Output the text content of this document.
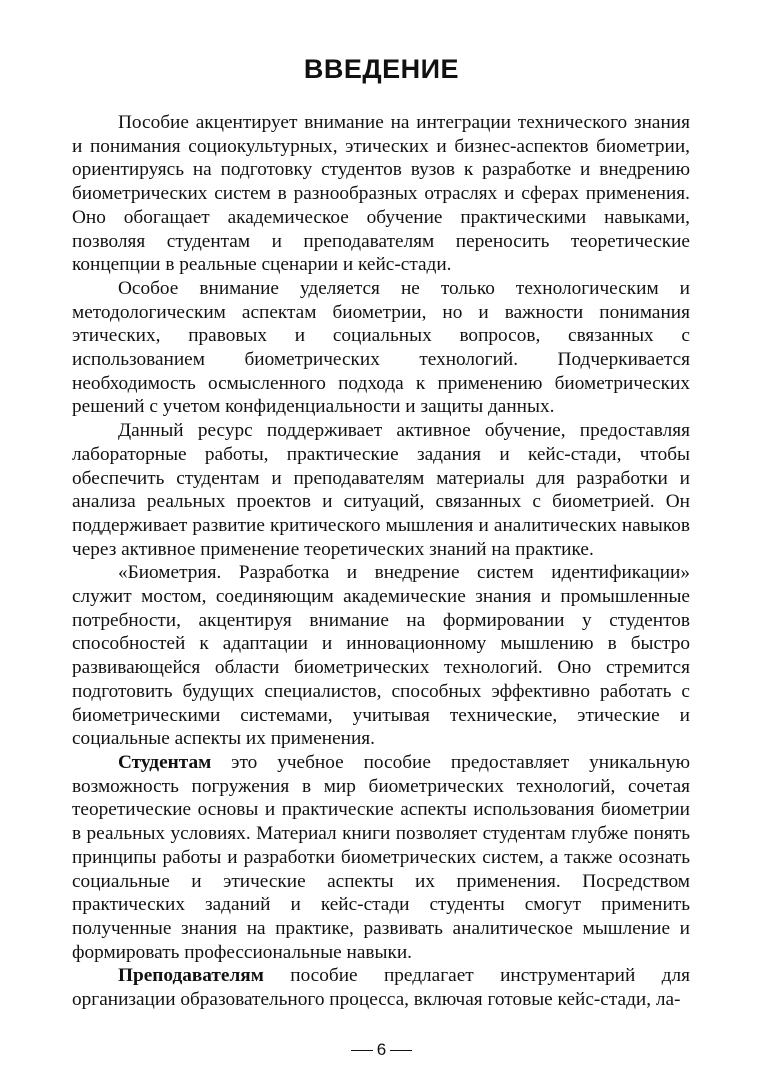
ВВЕДЕНИЕ

Пособие акцентирует внимание на интеграции технического знания и понимания социокультурных, этических и бизнес-аспектов биометрии, ориентируясь на подготовку студентов вузов к разработке и внедрению биометрических систем в разнообразных отраслях и сферах применения. Оно обогащает академическое обучение практическими навыками, позволяя студентам и преподавателям переносить теоретические концепции в реальные сценарии и кейс-стади.

Особое внимание уделяется не только технологическим и методологическим аспектам биометрии, но и важности понимания этических, правовых и социальных вопросов, связанных с использованием биометрических технологий. Подчеркивается необходимость осмысленного подхода к применению биометрических решений с учетом конфиденциальности и защиты данных.

Данный ресурс поддерживает активное обучение, предоставляя лабораторные работы, практические задания и кейс-стади, чтобы обеспечить студентам и преподавателям материалы для разработки и анализа реальных проектов и ситуаций, связанных с биометрией. Он поддерживает развитие критического мышления и аналитических навыков через активное применение теоретических знаний на практике.

«Биометрия. Разработка и внедрение систем идентификации» служит мостом, соединяющим академические знания и промышленные потребности, акцентируя внимание на формировании у студентов способностей к адаптации и инновационному мышлению в быстро развивающейся области биометрических технологий. Оно стремится подготовить будущих специалистов, способных эффективно работать с биометрическими системами, учитывая технические, этические и социальные аспекты их применения.

Студентам это учебное пособие предоставляет уникальную возможность погружения в мир биометрических технологий, сочетая теоретические основы и практические аспекты использования биометрии в реальных условиях. Материал книги позволяет студентам глубже понять принципы работы и разработки биометрических систем, а также осознать социальные и этические аспекты их применения. Посредством практических заданий и кейс-стади студенты смогут применить полученные знания на практике, развивать аналитическое мышление и формировать профессиональные навыки.

Преподавателям пособие предлагает инструментарий для организации образовательного процесса, включая готовые кейс-стади, ла-

6
